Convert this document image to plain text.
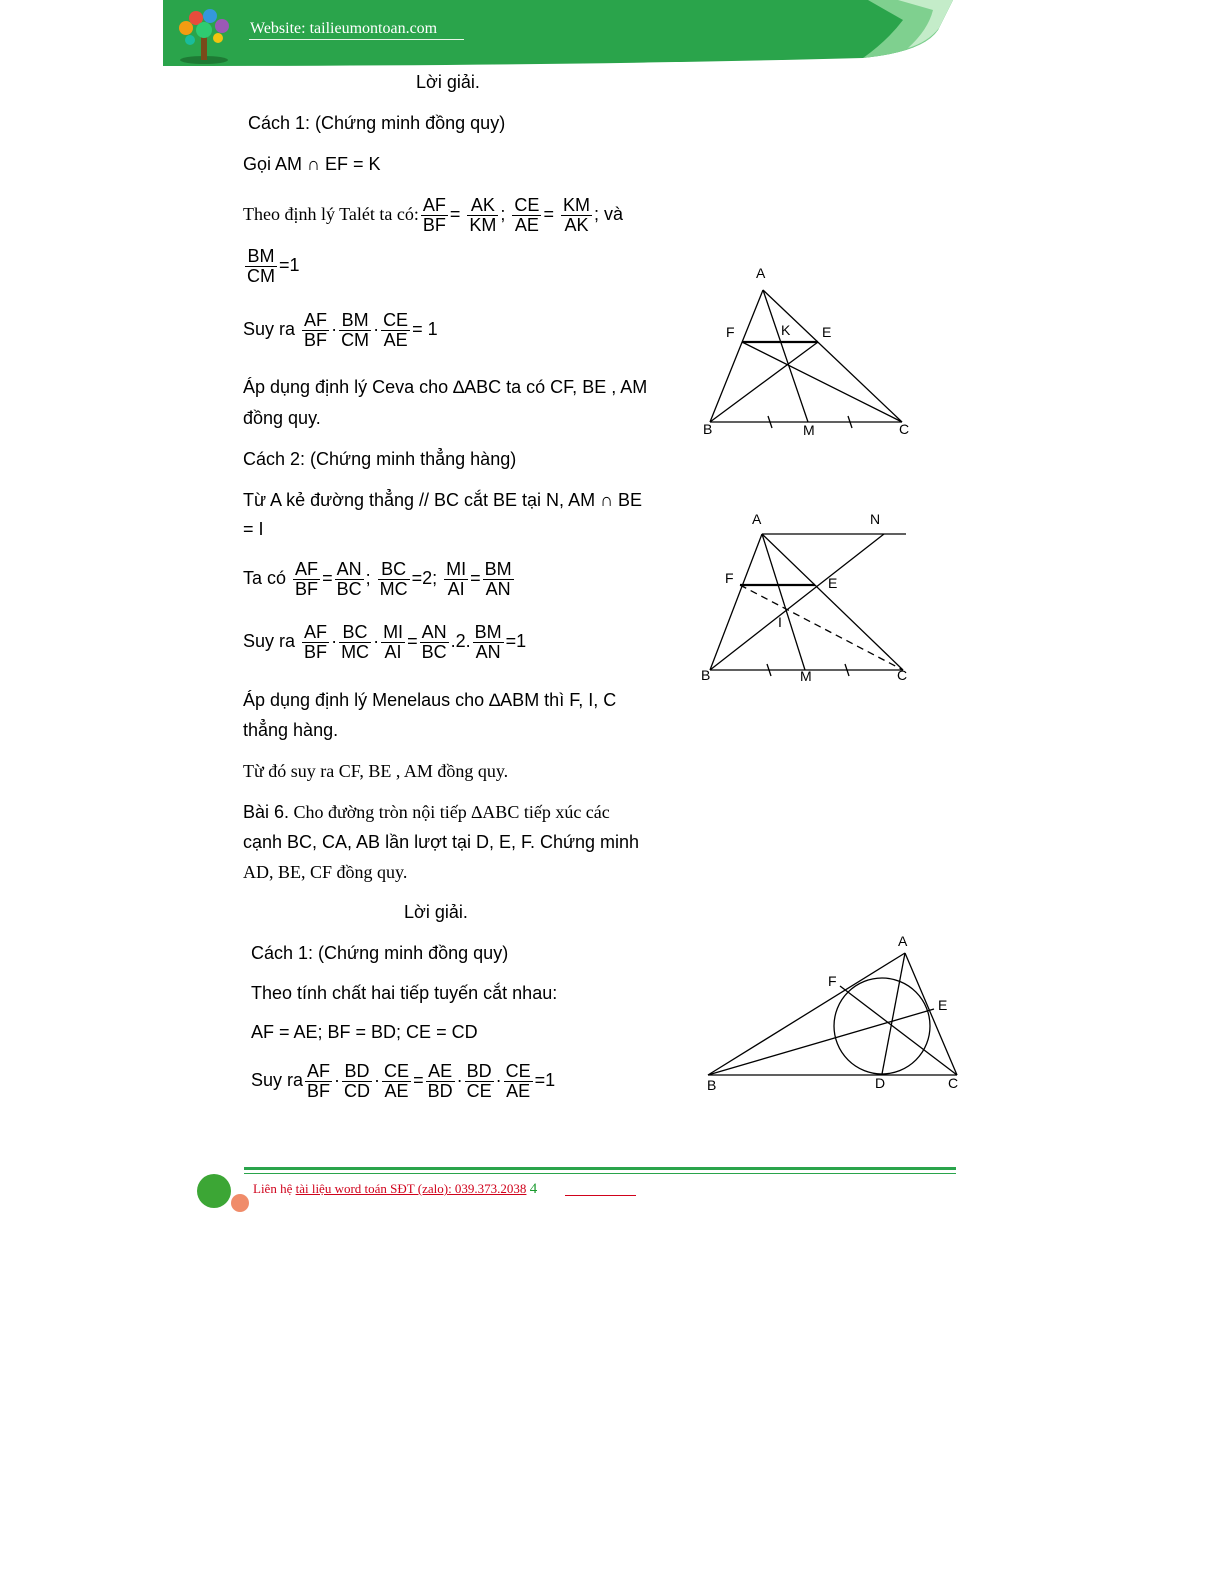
Website: tailieumontoan.com
Lời giải.
Cách 1: (Chứng minh đồng quy)
Gọi AM ∩ EF = K
Theo định lý Talét ta có: $\frac{AF}{BF} = \frac{AK}{KM}$ ; $\frac{CE}{AE} = \frac{KM}{AK}$ ; và
$\frac{BM}{CM} =1$
Suy ra $\frac{AF}{BF} \cdot \frac{BM}{CM} \cdot \frac{CE}{AE} = 1$
Áp dụng định lý Ceva cho ∆ABC ta có CF, BE , AM
đồng quy.
Cách 2: (Chứng minh thẳng hàng)
Từ A kẻ đường thẳng // BC cắt BE tại N, AM ∩ BE
= I
Ta có $\frac{AF}{BF} = \frac{AN}{BC}$ ; $\frac{BC}{MC} =2$; $\frac{MI}{AI} = \frac{BM}{AN}$
Suy ra $\frac{AF}{BF} \cdot \frac{BC}{MC} \cdot \frac{MI}{AI} = \frac{AN}{BC} .2$. $\frac{BM}{AN} =1$
Áp dụng định lý Menelaus cho ∆ABM thì F, I, C
thẳng hàng.
Từ đó suy ra CF, BE , AM đồng quy.
Bài 6. Cho đường tròn nội tiếp ∆ABC tiếp xúc các
cạnh BC, CA, AB lần lượt tại D, E, F. Chứng minh
AD, BE, CF đồng quy.
Lời giải.
Cách 1: (Chứng minh đồng quy)
Theo tính chất hai tiếp tuyến cắt nhau:
AF = AE; BF = BD; CE = CD
Suy ra $\frac{AF}{BF} \cdot \frac{BD}{CD} \cdot \frac{CE}{AE} = \frac{AE}{BD} \cdot \frac{BD}{CE} \cdot \frac{CE}{AE} =1$
A
F	K E
B	M	C
A	N
F	E
I
B	M	C
A
F
E
B	D	C
Liên hệ tài liệu word toán SĐT (zalo): 039.373.2038 4
